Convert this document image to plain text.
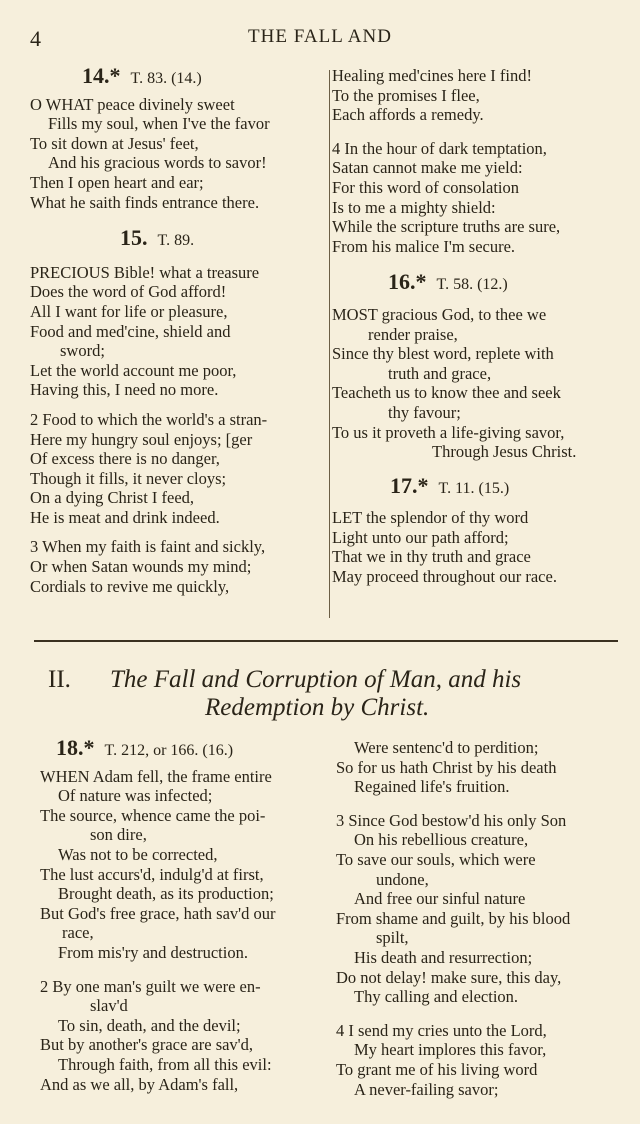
4	THE FALL AND
14.* T. 83. (14.)
O WHAT peace divinely sweet
Fills my soul, when I've the favor
To sit down at Jesus' feet,
And his gracious words to savor!
Then I open heart and ear;
What he saith finds entrance there.
15. T. 89.
PRECIOUS Bible! what a treasure
Does the word of God afford!
All I want for life or pleasure,
Food and med'cine, shield and
sword;
Let the world account me poor,
Having this, I need no more.
2 Food to which the world's a stran-
Here my hungry soul enjoys; [ger
Of excess there is no danger,
Though it fills, it never cloys;
On a dying Christ I feed,
He is meat and drink indeed.
3 When my faith is faint and sickly,
Or when Satan wounds my mind;
Cordials to revive me quickly,
Healing med'cines here I find!
To the promises I flee,
Each affords a remedy.
4 In the hour of dark temptation,
Satan cannot make me yield:
For this word of consolation
Is to me a mighty shield:
While the scripture truths are sure,
From his malice I'm secure.
16.* T. 58. (12.)
MOST gracious God, to thee we
render praise,
Since thy blest word, replete with
truth and grace,
Teacheth us to know thee and seek
thy favour;
To us it proveth a life-giving savor,
Through Jesus Christ.
17.* T. 11. (15.)
LET the splendor of thy word
Light unto our path afford;
That we in thy truth and grace
May proceed throughout our race.
II. The Fall and Corruption of Man, and his
Redemption by Christ.
18.* T. 212, or 166. (16.)
WHEN Adam fell, the frame entire
Of nature was infected;
The source, whence came the poi-
son dire,
Was not to be corrected,
The lust accurs'd, indulg'd at first,
Brought death, as its production;
But God's free grace, hath sav'd our
race,
From mis'ry and destruction.
2 By one man's guilt we were en-
slav'd
To sin, death, and the devil;
But by another's grace are sav'd,
Through faith, from all this evil:
And as we all, by Adam's fall,
Were sentenc'd to perdition;
So for us hath Christ by his death
Regained life's fruition.
3 Since God bestow'd his only Son
On his rebellious creature,
To save our souls, which were
undone,
And free our sinful nature
From shame and guilt, by his blood
spilt,
His death and resurrection;
Do not delay! make sure, this day,
Thy calling and election.
4 I send my cries unto the Lord,
My heart implores this favor,
To grant me of his living word
A never-failing savor;
